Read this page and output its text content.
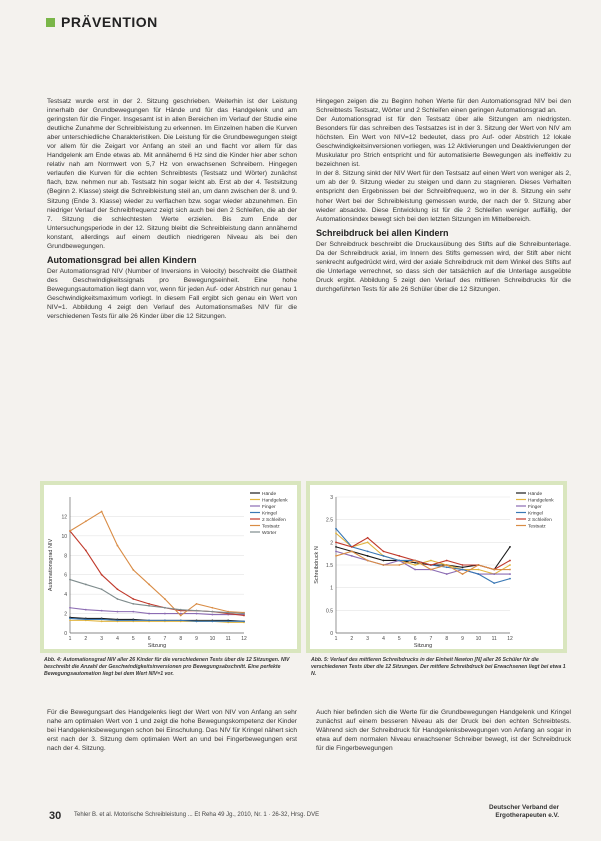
PRÄVENTION

Testsatz wurde erst in der 2. Sitzung geschrieben. Weiterhin ist der Leistung innerhalb der Grundbewegungen für Hände und für das Handgelenk und am geringsten für die Finger. Insgesamt ist in allen Bereichen im Verlauf der Studie eine deutliche Zunahme der Schreibleistung zu erkennen. Im Einzelnen haben die Kurven aber unterschiedliche Charakteristiken. Die Leistung für die Grundbewegungen steigt vor allem für die Zeigart vor Anfang an steil an und flacht vor allem für das Handgelenk am Ende etwas ab. Mit annähernd 6 Hz sind die Kinder hier aber schon relativ nah am Normwert von 5,7 Hz von erwachsenen Schreibern. Hingegen verlaufen die Kurven für die echten Schreibtests (Testsatz und Wörter) zunächst flach, bzw. nehmen nur ab. Testsatz hin sogar leicht ab. Erst ab der 4. Testsitzung (Beginn 2. Klasse) steigt die Schreibleistung steil an, um dann zwischen der 8. und 9. Sitzung (Ende 3. Klasse) wieder zu verflachen bzw. sogar wieder abzunehmen. Ein niedriger Verlauf der Schreibfrequenz zeigt sich auch bei den 2 Schleifen, die ab der 7. Sitzung die schlechtesten Werte erzielen. Bis zum Ende der Untersuchungsperiode in der 12. Sitzung bleibt die Schreibleistung dann annähernd konstant, allerdings auf einem deutlich niedrigeren Niveau als bei den Grundbewegungen.

Automationsgrad bei allen Kindern

Der Automationsgrad NIV (Number of Inversions in Velocity) beschreibt die Glattheit des Geschwindigkeitssignals pro Bewegungseinheit. Eine hohe Bewegungsautomation liegt dann vor, wenn für jeden Auf- oder Abstrich nur genau 1 Geschwindigkeitsmaximum vorliegt. In diesem Fall ergibt sich genau ein Wert von NIV=1. Abbildung 4 zeigt den Verlauf des Automationsmaßes NIV für die verschiedenen Tests für alle 26 Kinder über die 12 Sitzungen.

Hingegen zeigen die zu Beginn hohen Werte für den Automationsgrad NIV bei den Schreibtests Testsatz, Wörter und 2 Schleifen einen geringen Automationsgrad an.

Der Automationsgrad ist für den Testsatz über alle Sitzungen am niedrigsten. Besonders für das schreiben des Testsatzes ist in der 3. Sitzung der Wert von NIV am höchsten. Ein Wert von NIV=12 bedeutet, dass pro Auf- oder Abstrich 12 lokale Geschwindigkeitsinversionen vorliegen, was 12 Aktivierungen und Deaktivierungen der Muskulatur pro Strich entspricht und für automatisierte Bewegungen als ineffektiv zu bezeichnen ist.

In der 8. Sitzung sinkt der NIV Wert für den Testsatz auf einen Wert von weniger als 2, um ab der 9. Sitzung wieder zu steigen und dann zu stagnieren. Dieses Verhalten entspricht den Ergebnissen bei der Schreibfrequenz, wo in der 8. Sitzung ein sehr hoher Wert bei der Schreibleistung gemessen wurde, der nach der 9. Sitzung aber wieder absackte. Diese Entwicklung ist für die 2 Schleifen weniger auffällig, der Automationsindex bewegt sich bei den letzten Sitzungen im Mittelbereich.

Schreibdruck bei allen Kindern

Der Schreibdruck beschreibt die Druckausübung des Stifts auf die Schreibunterlage. Da der Schreibdruck axial, im Innern des Stifts gemessen wird, der Stift aber nicht senkrecht aufgedrückt wird, wird der axiale Schreibdruck mit dem Winkel des Stifts auf die Unterlage verrechnet, so dass sich der tatsächlich auf die Unterlage ausgeübte Druck ergibt. Abbildung 5 zeigt den Verlauf des mittleren Schreibdrucks für die durchgeführten Tests für alle 26 Schüler über die 12 Sitzungen.

0
2
4
6
8
10
12
1	2	3	4	5	6	7	8	9 10 11 12
Sitzung
Automationsgrad NIV
Hände
Handgelenk
Finger
Kringel
2 Schleifen
Testsatz
Wörter
Abb. 4: Automationsgrad NIV aller 26 Kinder für die verschiedenen Tests über die 12 Sitzungen. NIV beschreibt die Anzahl der Geschwindigkeitsinversionen pro Bewegungsabschnitt. Eine perfekte Bewegungsautomation liegt bei dem Wert NIV=1 vor.
0
0.5
1
1.5
2
2.5
3
1	2	3	4	5	6	7	8	9 10 11 12
Sitzung
Schreibdruck N
Hände
Handgelenk
Finger
Kringel
2 Schleifen
Testsatz
Abb. 5: Verlauf des mittleren Schreibdrucks in der Einheit Newton [N] aller 26 Schüler für die verschiedenen Tests über die 12 Sitzungen. Der mittlere Schreibdruck bei Erwachsenen liegt bei etwa 1 N.

Für die Bewegungsart des Handgelenks liegt der Wert von NIV von Anfang an sehr nahe am optimalen Wert von 1 und zeigt die hohe Bewegungskompetenz der Kinder bei Handgelenksbewegungen schon bei Einschulung. Das NIV für Kringel nähert sich erst nach der 3. Sitzung dem optimalen Wert an und bei Fingerbewegungen erst nach der 4. Sitzung.

Auch hier befinden sich die Werte für die Grundbewegungen Handgelenk und Kringel zunächst auf einem besseren Niveau als der Druck bei den echten Schreibtests. Während sich der Schreibdruck für Handgelenksbewegungen von Anfang an sogar in etwa auf dem normalen Niveau erwachsener Schreiber bewegt, ist der Schreibdruck für die Fingerbewegungen

30 Tehler B. et al. Motorische Schreibleistung ... Et Reha 49 Jg., 2010, Nr. 1 · 26-32, Hrsg. DVE
Deutscher Verband der
Ergotherapeuten e.V.
